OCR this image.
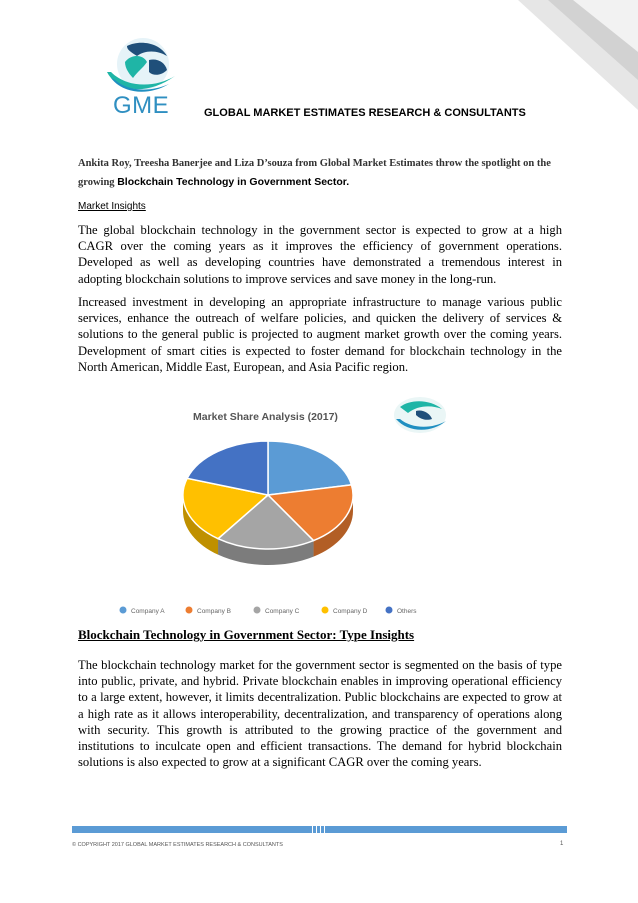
GME	GLOBAL MARKET ESTIMATES RESEARCH & CONSULTANTS
Ankita Roy, Treesha Banerjee and Liza D’souza from Global Market Estimates throw the spotlight on the growing Blockchain Technology in Government Sector.
Market Insights
The global blockchain technology in the government sector is expected to grow at a high CAGR over the coming years as it improves the efficiency of government operations. Developed as well as developing countries have demonstrated a tremendous interest in adopting blockchain solutions to improve services and save money in the long-run.
Increased investment in developing an appropriate infrastructure to manage various public services, enhance the outreach of welfare policies, and quicken the delivery of services & solutions to the general public is projected to augment market growth over the coming years. Development of smart cities is expected to foster demand for blockchain technology in the North American, Middle East, European, and Asia Pacific region.
Market Share Analysis (2017)
Company A	Company B	Company C	Company D	Others
Blockchain Technology in Government Sector: Type Insights
The blockchain technology market for the government sector is segmented on the basis of type into public, private, and hybrid. Private blockchain enables in improving operational efficiency to a large extent, however, it limits decentralization. Public blockchains are expected to grow at a high rate as it allows interoperability, decentralization, and transparency of operations along with security. This growth is attributed to the growing practice of the government and institutions to inculcate open and efficient transactions. The demand for hybrid blockchain solutions is also expected to grow at a significant CAGR over the coming years.
© COPYRIGHT 2017 GLOBAL MARKET ESTIMATES RESEARCH & CONSULTANTS	1
